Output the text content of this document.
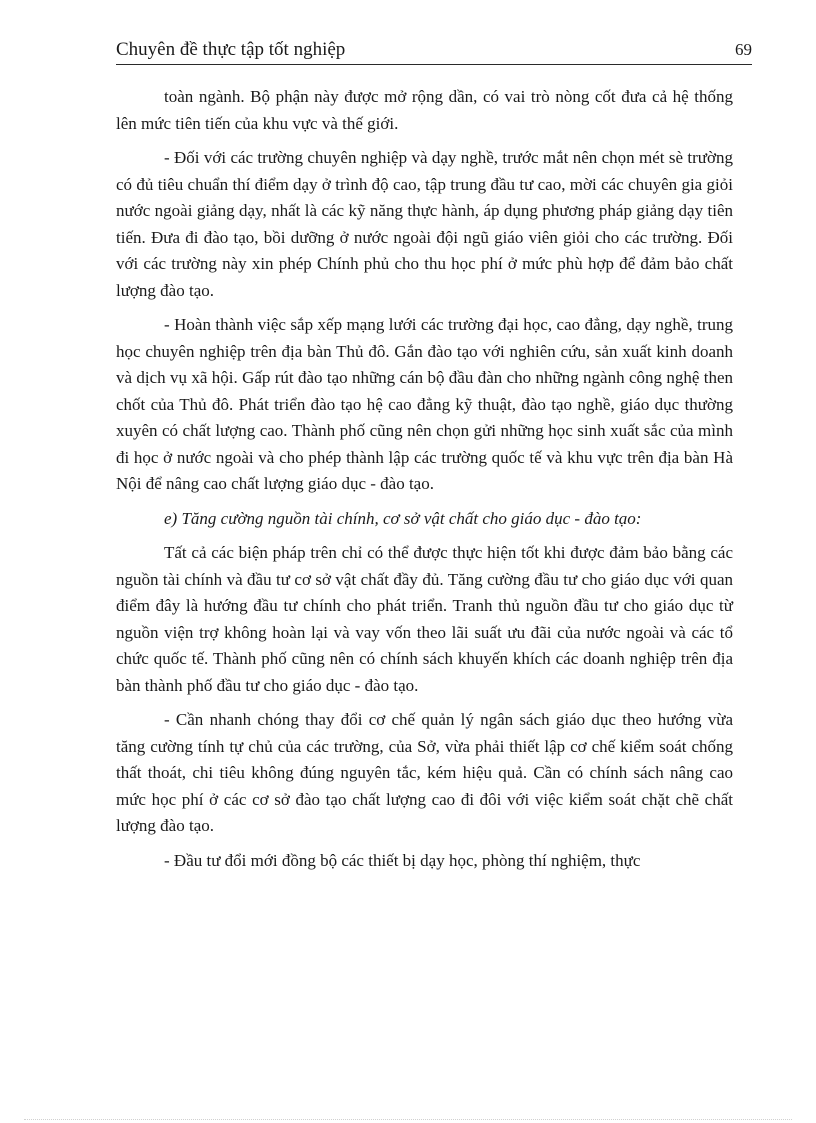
Chuyên đề thực tập tốt nghiệp	69

toàn ngành. Bộ phận này được mở rộng dần, có vai trò nòng cốt đưa cả hệ thống lên mức tiên tiến của khu vực và thế giới.

- Đối với các trường chuyên nghiệp và dạy nghề, trước mắt nên chọn mét sè trường có đủ tiêu chuẩn thí điểm dạy ở trình độ cao, tập trung đầu tư cao, mời các chuyên gia giỏi nước ngoài giảng dạy, nhất là các kỹ năng thực hành, áp dụng phương pháp giảng dạy tiên tiến. Đưa đi đào tạo, bồi dưỡng ở nước ngoài đội ngũ giáo viên giỏi cho các trường. Đối với các trường này xin phép Chính phủ cho thu học phí ở mức phù hợp để đảm bảo chất lượng đào tạo.

- Hoàn thành việc sắp xếp mạng lưới các trường đại học, cao đẳng, dạy nghề, trung học chuyên nghiệp trên địa bàn Thủ đô. Gắn đào tạo với nghiên cứu, sản xuất kinh doanh và dịch vụ xã hội. Gấp rút đào tạo những cán bộ đầu đàn cho những ngành công nghệ then chốt của Thủ đô. Phát triển đào tạo hệ cao đẳng kỹ thuật, đào tạo nghề, giáo dục thường xuyên có chất lượng cao. Thành phố cũng nên chọn gửi những học sinh xuất sắc của mình đi học ở nước ngoài và cho phép thành lập các trường quốc tế và khu vực trên địa bàn Hà Nội để nâng cao chất lượng giáo dục - đào tạo.

e) Tăng cường nguồn tài chính, cơ sở vật chất cho giáo dục - đào tạo:

Tất cả các biện pháp trên chỉ có thể được thực hiện tốt khi được đảm bảo bằng các nguồn tài chính và đầu tư cơ sở vật chất đầy đủ. Tăng cường đầu tư cho giáo dục với quan điểm đây là hướng đầu tư chính cho phát triển. Tranh thủ nguồn đầu tư cho giáo dục từ nguồn viện trợ không hoàn lại và vay vốn theo lãi suất ưu đãi của nước ngoài và các tổ chức quốc tế. Thành phố cũng nên có chính sách khuyến khích các doanh nghiệp trên địa bàn thành phố đầu tư cho giáo dục - đào tạo.

- Cần nhanh chóng thay đổi cơ chế quản lý ngân sách giáo dục theo hướng vừa tăng cường tính tự chủ của các trường, của Sở, vừa phải thiết lập cơ chế kiểm soát chống thất thoát, chi tiêu không đúng nguyên tắc, kém hiệu quả. Cần có chính sách nâng cao mức học phí ở các cơ sở đào tạo chất lượng cao đi đôi với việc kiểm soát chặt chẽ chất lượng đào tạo.

- Đầu tư đổi mới đồng bộ các thiết bị dạy học, phòng thí nghiệm, thực
